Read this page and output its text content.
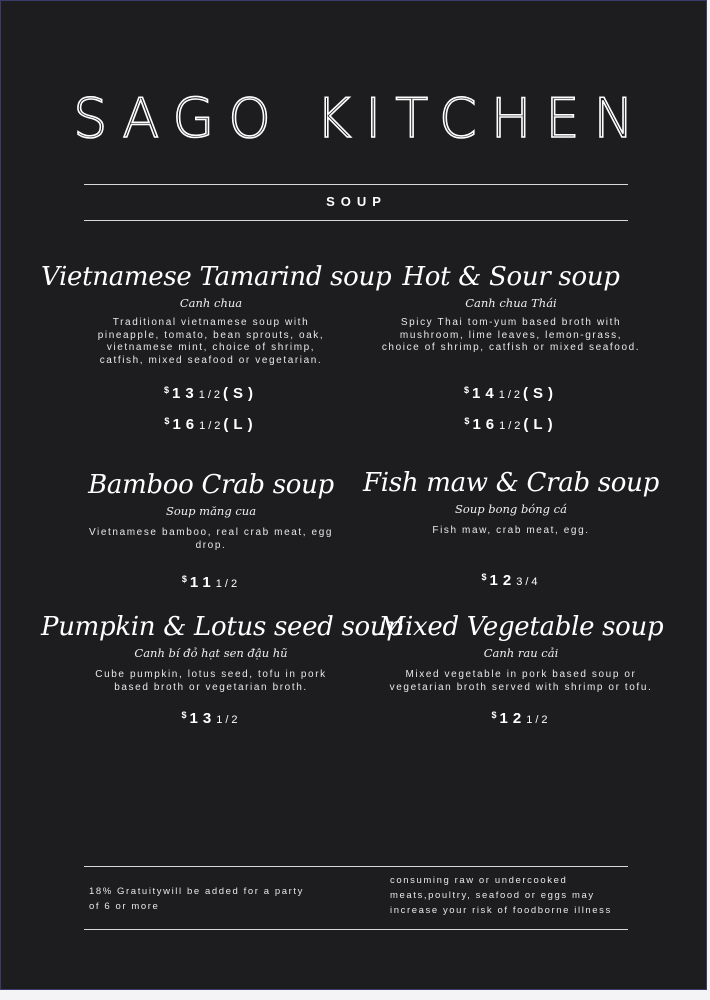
SAGO KITCHEN
SOUP
Vietnamese Tamarind soup
Canh chua
Traditional vietnamese soup with pineapple, tomato, bean sprouts, oak, vietnamese mint, choice of shrimp, catfish, mixed seafood or vegetarian.
$131/2(S)
$161/2(L)
Hot & Sour soup
Canh chua Thái
Spicy Thai tom-yum based broth with mushroom, lime leaves, lemon-grass, choice of shrimp, catfish or mixed seafood.
$141/2(S)
$161/2(L)
Bamboo Crab soup
Soup măng cua
Vietnamese bamboo, real crab meat, egg drop.
$111/2
Fish maw & Crab soup
Soup bong bóng cá
Fish maw, crab meat, egg.
$123/4
Pumpkin & Lotus seed soup
Canh bí đỏ hạt sen đậu hũ
Cube pumpkin, lotus seed, tofu in pork based broth or vegetarian broth.
$131/2
Mixed Vegetable soup
Canh rau cải
Mixed vegetable in pork based soup or vegetarian broth served with shrimp or tofu.
$121/2
18% Gratuitywill be added for a party of 6 or more
consuming raw or undercooked meats,poultry, seafood or eggs may increase your risk of foodborne illness
